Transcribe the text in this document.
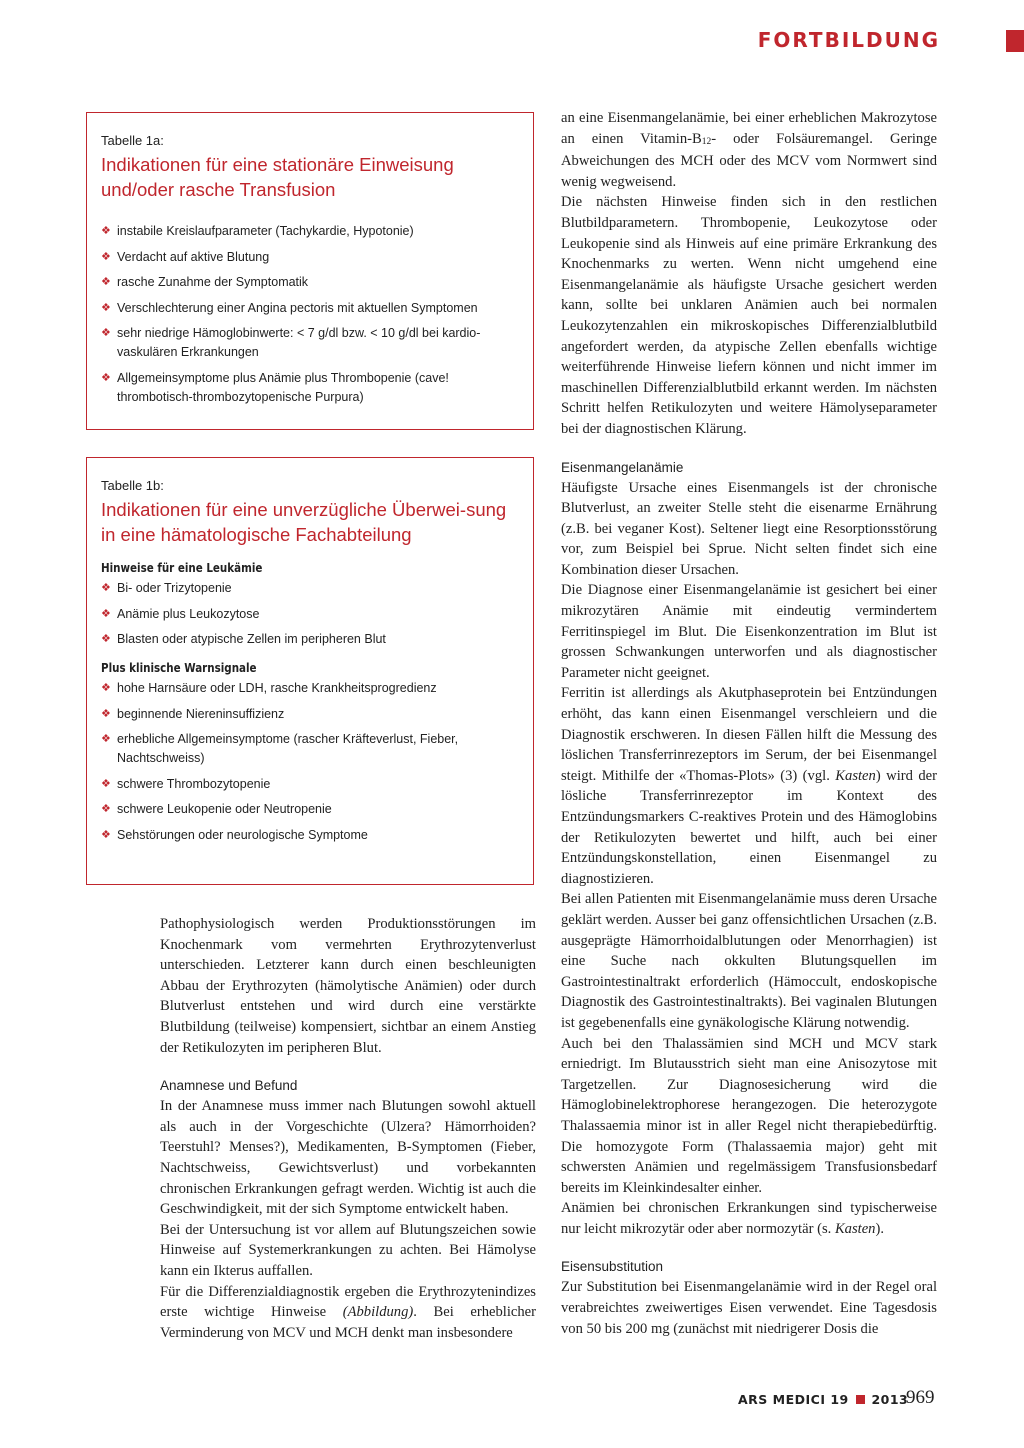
FORTBILDUNG
Tabelle 1a:
Indikationen für eine stationäre Einweisung und/oder rasche Transfusion
❖ instabile Kreislaufparameter (Tachykardie, Hypotonie)
❖ Verdacht auf aktive Blutung
❖ rasche Zunahme der Symptomatik
❖ Verschlechterung einer Angina pectoris mit aktuellen Symptomen
❖ sehr niedrige Hämoglobinwerte: < 7 g/dl bzw. < 10 g/dl bei kardio-vaskulären Erkrankungen
❖ Allgemeinsymptome plus Anämie plus Thrombopenie (cave! thrombotisch-thrombozytopenische Purpura)
Tabelle 1b:
Indikationen für eine unverzügliche Überwei-sung in eine hämatologische Fachabteilung
Hinweise für eine Leukämie
❖ Bi- oder Trizytopenie
❖ Anämie plus Leukozytose
❖ Blasten oder atypische Zellen im peripheren Blut
Plus klinische Warnsignale
❖ hohe Harnsäure oder LDH, rasche Krankheitsprogredienz
❖ beginnende Niereninsuffizienz
❖ erhebliche Allgemeinsymptome (rascher Kräfteverlust, Fieber, Nachtschweiss)
❖ schwere Thrombozytopenie
❖ schwere Leukopenie oder Neutropenie
❖ Sehstörungen oder neurologische Symptome

Pathophysiologisch werden Produktionsstörungen im Knochenmark vom vermehrten Erythrozytenverlust unterschieden. Letzterer kann durch einen beschleunigten Abbau der Erythrozyten (hämolytische Anämien) oder durch Blutverlust entstehen und wird durch eine verstärkte Blutbildung (teilweise) kompensiert, sichtbar an einem Anstieg der Retikulozyten im peripheren Blut.

Anamnese und Befund

In der Anamnese muss immer nach Blutungen sowohl aktuell als auch in der Vorgeschichte (Ulzera? Hämorrhoiden? Teerstuhl? Menses?), Medikamenten, B-Symptomen (Fieber, Nachtschweiss, Gewichtsverlust) und vorbekannten chronischen Erkrankungen gefragt werden. Wichtig ist auch die Geschwindigkeit, mit der sich Symptome entwickelt haben.

Bei der Untersuchung ist vor allem auf Blutungszeichen sowie Hinweise auf Systemerkrankungen zu achten. Bei Hämolyse kann ein Ikterus auffallen.

Für die Differenzialdiagnostik ergeben die Erythrozytenindizes erste wichtige Hinweise (Abbildung). Bei erheblicher Verminderung von MCV und MCH denkt man insbesondere

an eine Eisenmangelanämie, bei einer erheblichen Makrozytose an einen Vitamin-$B_{12}-$ oder Folsäuremangel. Geringe Abweichungen des MCH oder des MCV vom Normwert sind wenig wegweisend.

Die nächsten Hinweise finden sich in den restlichen Blutbildparametern. Thrombopenie, Leukozytose oder Leukopenie sind als Hinweis auf eine primäre Erkrankung des Knochenmarks zu werten. Wenn nicht umgehend eine Eisenmangelanämie als häufigste Ursache gesichert werden kann, sollte bei unklaren Anämien auch bei normalen Leukozytenzahlen ein mikroskopisches Differenzialblutbild angefordert werden, da atypische Zellen ebenfalls wichtige weiterführende Hinweise liefern können und nicht immer im maschinellen Differenzialblutbild erkannt werden. Im nächsten Schritt helfen Retikulozyten und weitere Hämolyseparameter bei der diagnostischen Klärung.

Eisenmangelanämie

Häufigste Ursache eines Eisenmangels ist der chronische Blutverlust, an zweiter Stelle steht die eisenarme Ernährung (z.B. bei veganer Kost). Seltener liegt eine Resorptionsstörung vor, zum Beispiel bei Sprue. Nicht selten findet sich eine Kombination dieser Ursachen.

Die Diagnose einer Eisenmangelanämie ist gesichert bei einer mikrozytären Anämie mit eindeutig vermindertem Ferritinspiegel im Blut. Die Eisenkonzentration im Blut ist grossen Schwankungen unterworfen und als diagnostischer Parameter nicht geeignet.

Ferritin ist allerdings als Akutphaseprotein bei Entzündungen erhöht, das kann einen Eisenmangel verschleiern und die Diagnostik erschweren. In diesen Fällen hilft die Messung des löslichen Transferrinrezeptors im Serum, der bei Eisenmangel steigt. Mithilfe der «Thomas-Plots» (3) (vgl. Kasten) wird der lösliche Transferrinrezeptor im Kontext des Entzündungsmarkers C-reaktives Protein und des Hämoglobins der Retikulozyten bewertet und hilft, auch bei einer Entzündungskonstellation, einen Eisenmangel zu diagnostizieren.

Bei allen Patienten mit Eisenmangelanämie muss deren Ursache geklärt werden. Ausser bei ganz offensichtlichen Ursachen (z.B. ausgeprägte Hämorrhoidalblutungen oder Menorrhagien) ist eine Suche nach okkulten Blutungsquellen im Gastrointestinaltrakt erforderlich (Hämoccult, endoskopische Diagnostik des Gastrointestinaltrakts). Bei vaginalen Blutungen ist gegebenenfalls eine gynäkologische Klärung notwendig.

Auch bei den Thalassämien sind MCH und MCV stark erniedrigt. Im Blutausstrich sieht man eine Anisozytose mit Targetzellen. Zur Diagnosesicherung wird die Hämoglobinelektrophorese herangezogen. Die heterozygote Thalassaemia minor ist in aller Regel nicht therapiebedürftig. Die homozygote Form (Thalassaemia major) geht mit schwersten Anämien und regelmässigem Transfusionsbedarf bereits im Kleinkindesalter einher.

Anämien bei chronischen Erkrankungen sind typischerweise nur leicht mikrozytär oder aber normozytär (s. Kasten).

Eisensubstitution

Zur Substitution bei Eisenmangelanämie wird in der Regel oral verabreichtes zweiwertiges Eisen verwendet. Eine Tagesdosis von 50 bis 200 mg (zunächst mit niedrigerer Dosis die

ARS MEDICI 19 2013
969
